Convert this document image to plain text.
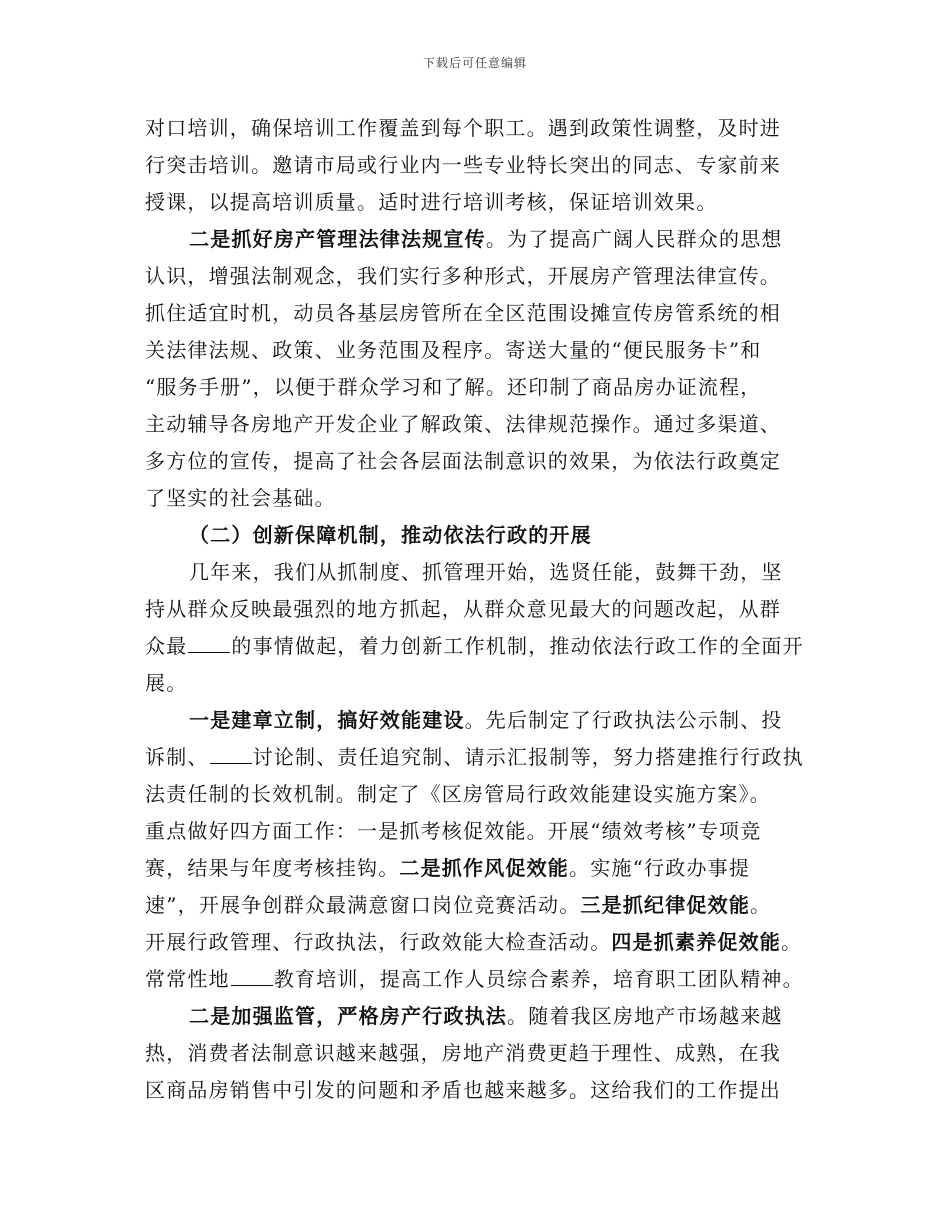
下载后可任意编辑
对口培训，确保培训工作覆盖到每个职工。遇到政策性调整，及时进
行突击培训。邀请市局或行业内一些专业特长突出的同志、专家前来
授课，以提高培训质量。适时进行培训考核，保证培训效果。
二是抓好房产管理法律法规宣传。为了提高广阔人民群众的思想
认识，增强法制观念，我们实行多种形式，开展房产管理法律宣传。
抓住适宜时机，动员各基层房管所在全区范围设摊宣传房管系统的相
关法律法规、政策、业务范围及程序。寄送大量的“便民服务卡”和
“服务手册”，以便于群众学习和了解。还印制了商品房办证流程，
主动辅导各房地产开发企业了解政策、法律规范操作。通过多渠道、
多方位的宣传，提高了社会各层面法制意识的效果，为依法行政奠定
了坚实的社会基础。
（二）创新保障机制，推动依法行政的开展
几年来，我们从抓制度、抓管理开始，选贤任能，鼓舞干劲，坚
持从群众反映最强烈的地方抓起，从群众意见最大的问题改起，从群
众最 的事情做起，着力创新工作机制，推动依法行政工作的全面开
展。
一是建章立制，搞好效能建设。先后制定了行政执法公示制、投
诉制、 讨论制、责任追究制、请示汇报制等，努力搭建推行行政执
法责任制的长效机制。制定了《区房管局行政效能建设实施方案》。
重点做好四方面工作：一是抓考核促效能。开展“绩效考核”专项竞
赛，结果与年度考核挂钩。二是抓作风促效能。实施“行政办事提
速”，开展争创群众最满意窗口岗位竞赛活动。三是抓纪律促效能。
开展行政管理、行政执法，行政效能大检查活动。四是抓素养促效能。
常常性地 教育培训，提高工作人员综合素养，培育职工团队精神。
二是加强监管，严格房产行政执法。随着我区房地产市场越来越
热，消费者法制意识越来越强，房地产消费更趋于理性、成熟，在我
区商品房销售中引发的问题和矛盾也越来越多。这给我们的工作提出
